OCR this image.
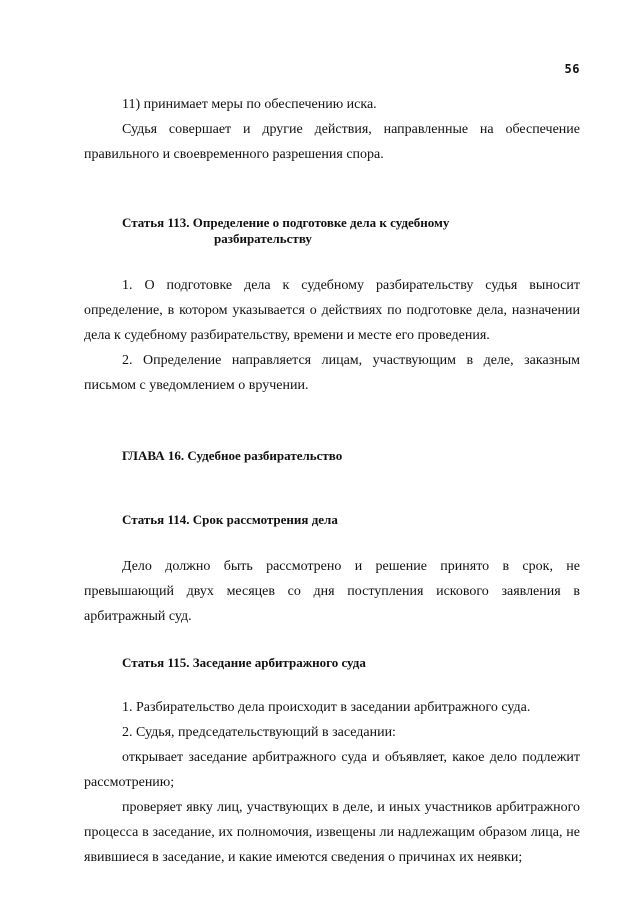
56

11) принимает меры по обеспечению иска.

Судья совершает и другие действия, направленные на обеспечение правильного и своевременного разрешения спора.

Статья 113. Определение о подготовке дела к судебному
разбирательству

1. О подготовке дела к судебному разбирательству судья выносит определение, в котором указывается о действиях по подготовке дела, назначении дела к судебному разбирательству, времени и месте его проведения.

2. Определение направляется лицам, участвующим в деле, заказным письмом с уведомлением о вручении.

ГЛАВА 16. Судебное разбирательство

Статья 114. Срок рассмотрения дела

Дело должно быть рассмотрено и решение принято в срок, не превышающий двух месяцев со дня поступления искового заявления в арбитражный суд.

Статья 115. Заседание арбитражного суда

1. Разбирательство дела происходит в заседании арбитражного суда.

2. Судья, председательствующий в заседании:

открывает заседание арбитражного суда и объявляет, какое дело подлежит рассмотрению;

проверяет явку лиц, участвующих в деле, и иных участников арбитражного процесса в заседание, их полномочия, извещены ли надлежащим образом лица, не явившиеся в заседание, и какие имеются сведения о причинах их неявки;
